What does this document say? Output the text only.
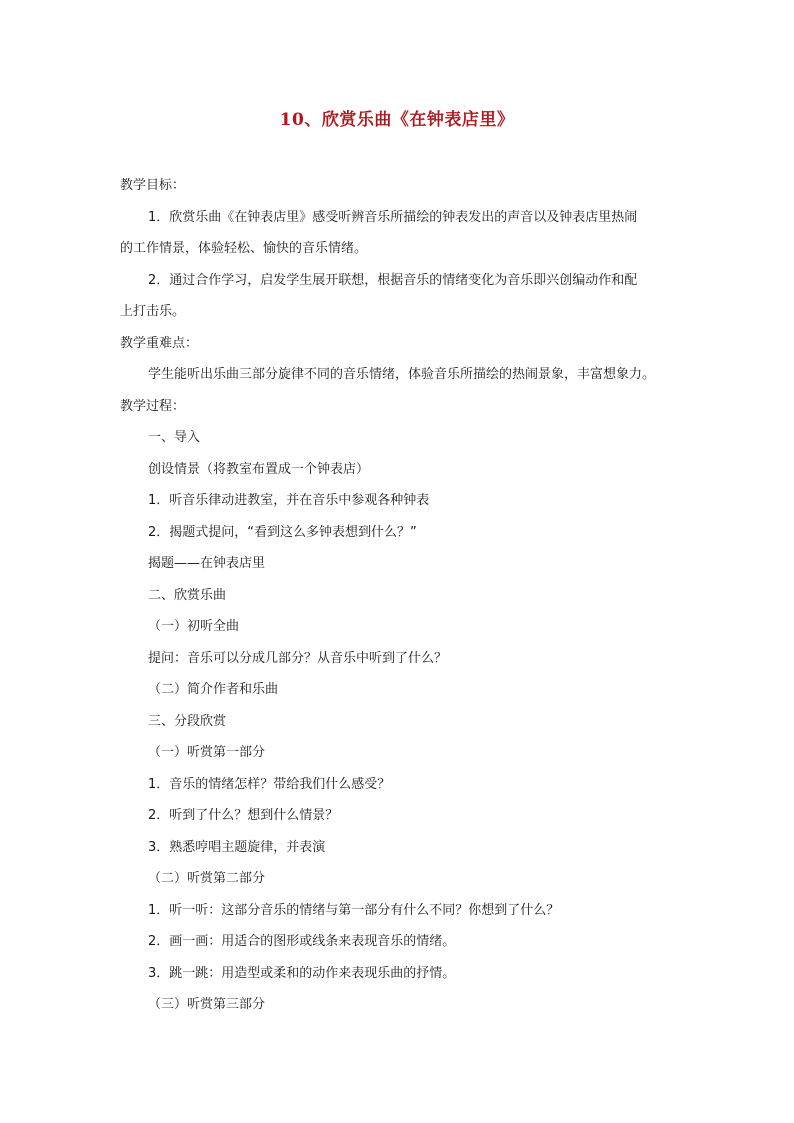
10、欣赏乐曲《在钟表店里》
教学目标：
1．欣赏乐曲《在钟表店里》感受听辨音乐所描绘的钟表发出的声音以及钟表店里热闹
的工作情景，体验轻松、愉快的音乐情绪。
2．通过合作学习，启发学生展开联想，根据音乐的情绪变化为音乐即兴创编动作和配
上打击乐。
教学重难点：
学生能听出乐曲三部分旋律不同的音乐情绪，体验音乐所描绘的热闹景象，丰富想象力。
教学过程：
一、导入
创设情景（将教室布置成一个钟表店）
1．听音乐律动进教室，并在音乐中参观各种钟表
2．揭题式提问，“看到这么多钟表想到什么？”
揭题——在钟表店里
二、欣赏乐曲
（一）初听全曲
提问：音乐可以分成几部分？从音乐中听到了什么？
（二）简介作者和乐曲
三、分段欣赏
（一）听赏第一部分
1．音乐的情绪怎样？带给我们什么感受？
2．听到了什么？想到什么情景？
3．熟悉哼唱主题旋律，并表演
（二）听赏第二部分
1．听一听：这部分音乐的情绪与第一部分有什么不同？你想到了什么？
2．画一画：用适合的图形或线条来表现音乐的情绪。
3．跳一跳：用造型或柔和的动作来表现乐曲的抒情。
（三）听赏第三部分
